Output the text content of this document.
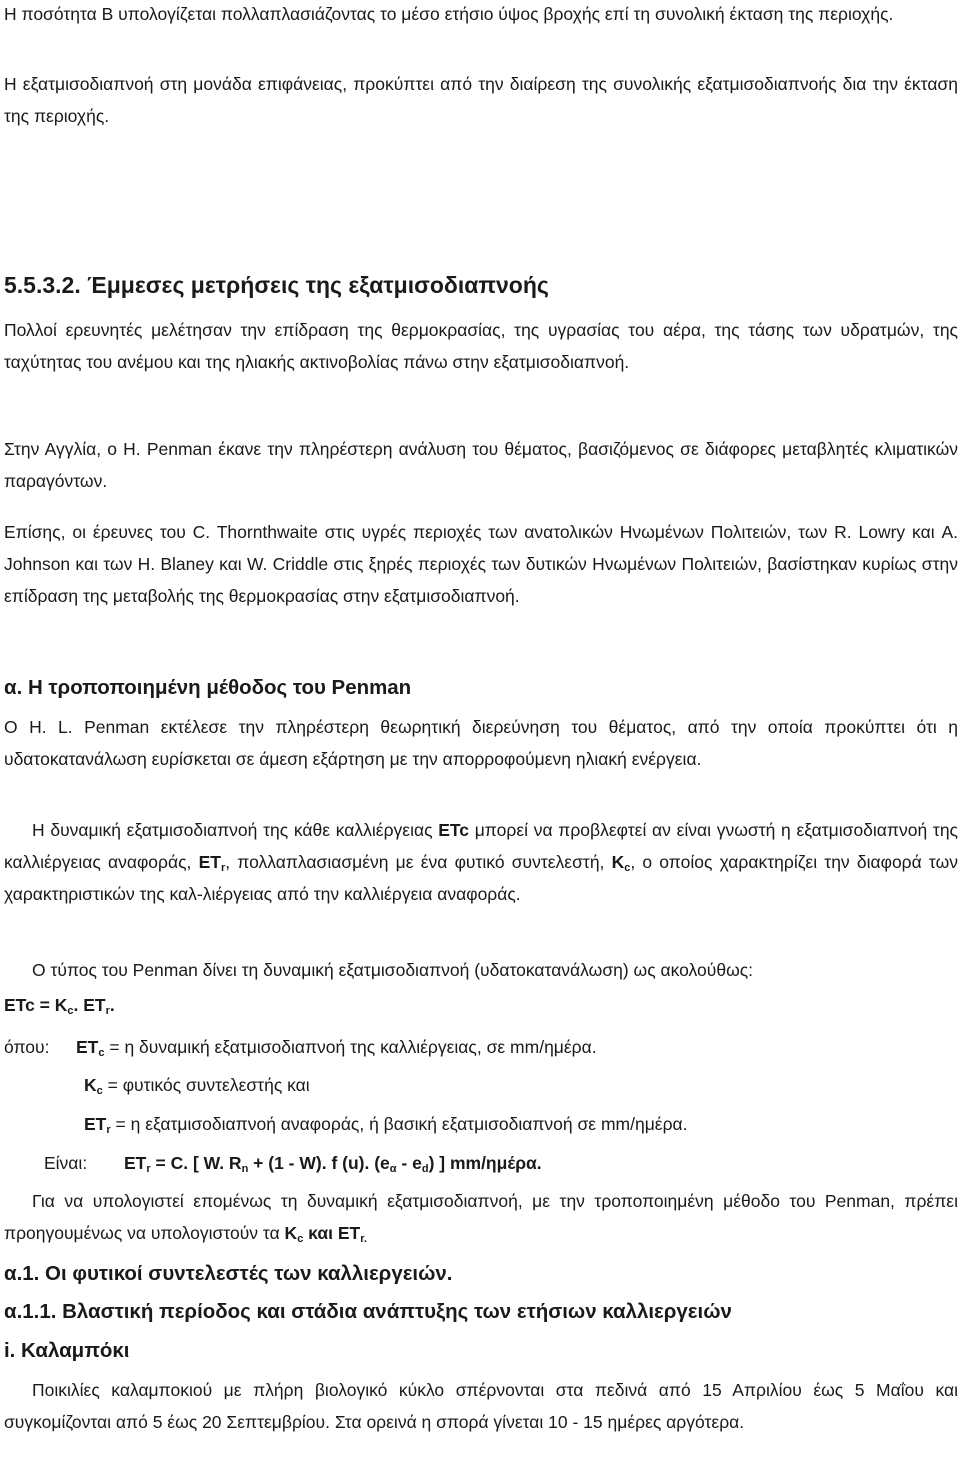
Η ποσότητα Β υπολογίζεται πολλαπλασιάζοντας το μέσο ετήσιο ύψος βροχής επί τη συνολική έκταση της περιοχής.

Η εξατμισοδιαπνοή στη μονάδα επιφάνειας, προκύπτει από την διαίρεση της συνολικής εξατμισοδιαπνοής δια την έκταση της περιοχής.

5.5.3.2. Έμμεσες μετρήσεις της εξατμισοδιαπνοής

Πολλοί ερευνητές μελέτησαν την επίδραση της θερμοκρασίας, της υγρασίας του αέρα, της τάσης των υδρατμών, της ταχύτητας του ανέμου και της ηλιακής ακτινοβολίας πάνω στην εξατμισοδιαπνοή.

Στην Αγγλία, ο H. Penman έκανε την πληρέστερη ανάλυση του θέματος, βασιζόμενος σε διάφορες μεταβλητές κλιματικών παραγόντων.

Επίσης, οι έρευνες του C. Thornthwaite στις υγρές περιοχές των ανατολικών Ηνωμένων Πολιτειών, των R. Lowry και A. Johnson και των H. Blaney και W. Criddle στις ξηρές περιοχές των δυτικών Ηνωμένων Πολιτειών, βασίστηκαν κυρίως στην επίδραση της μεταβολής της θερμοκρασίας στην εξατμισοδιαπνοή.

α. Η τροποποιημένη μέθοδος του Penman

Ο H. L. Penman εκτέλεσε την πληρέστερη θεωρητική διερεύνηση του θέματος, από την οποία προκύπτει ότι η υδατοκατανάλωση ευρίσκεται σε άμεση εξάρτηση με την απορροφούμενη ηλιακή ενέργεια.

Η δυναμική εξατμισοδιαπνοή της κάθε καλλιέργειας ETc μπορεί να προβλεφτεί αν είναι γνωστή η εξατμισοδιαπνοή της καλλιέργειας αναφοράς, $ET_r$, πολλαπλασιασμένη με ένα φυτικό συντελεστή, $K_c$, ο οποίος χαρακτηρίζει την διαφορά των χαρακτηριστικών της καλ-λιέργειας από την καλλιέργεια αναφοράς.

Ο τύπος του Penman δίνει τη δυναμική εξατμισοδιαπνοή (υδατοκατανάλωση) ως ακολούθως:

ETc = $K_c$. $ET_r$.

όπου: $ET_c = \eta$ δυναμική εξατμισοδιαπνοή της καλλιέργειας, σε mm/ημέρα.

$K_c = \varphi\upsilon\tau\iota\kappa ό\varsigma$ συντελεστής και

$ET_r = \eta$ εξατμισοδιαπνοή αναφοράς, ή βασική εξατμισοδιαπνοή σε mm/ημέρα.

Είναι: $ET_r = C$. [ W. $R_n + (1 - W)$. f (u). $(e_\alpha - e_d)$ ] mm/ημέρα.

Για να υπολογιστεί επομένως τη δυναμική εξατμισοδιαπνοή, με την τροποποιημένη μέθοδο του Penman, πρέπει προηγουμένως να υπολογιστούν τα $K_c$ και $ET_{r.}$

α.1. Οι φυτικοί συντελεστές των καλλιεργειών.
α.1.1. Βλαστική περίοδος και στάδια ανάπτυξης των ετήσιων καλλιεργειών
i. Καλαμπόκι

Ποικιλίες καλαμποκιού με πλήρη βιολογικό κύκλο σπέρνονται στα πεδινά από 15 Απριλίου έως 5 Μαΐου και συγκομίζονται από 5 έως 20 Σεπτεμβρίου. Στα ορεινά η σπορά γίνεται 10 - 15 ημέρες αργότερα.
